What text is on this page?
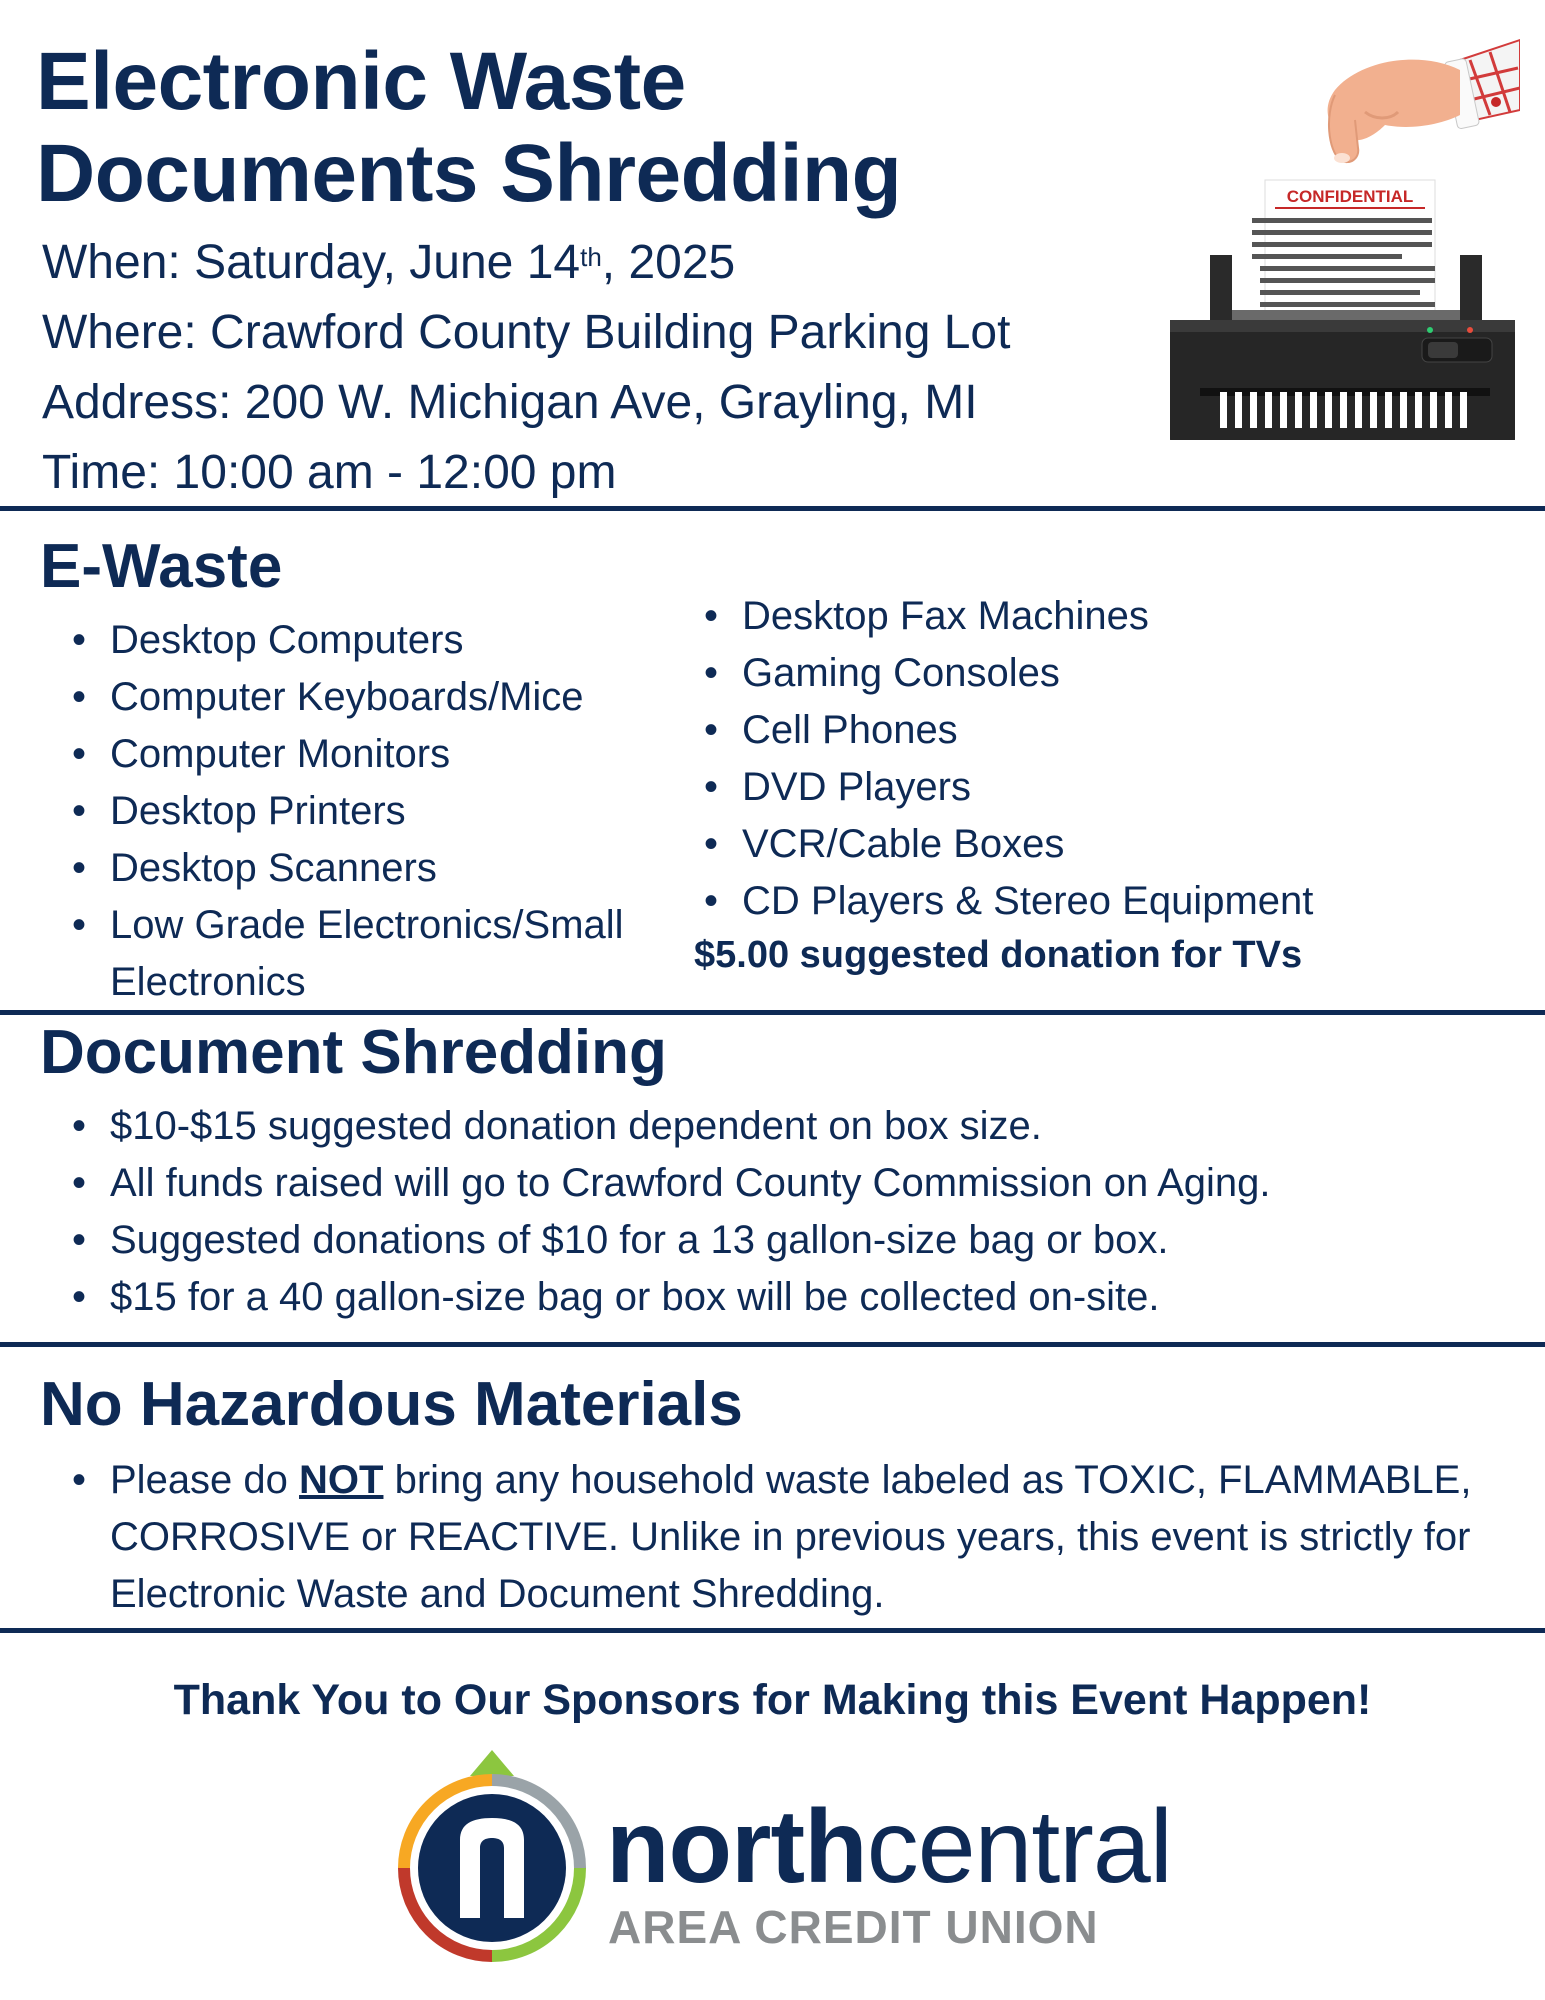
Electronic Waste
Documents Shredding
When: Saturday, June 14th, 2025
Where: Crawford County Building Parking Lot
Address: 200 W. Michigan Ave, Grayling, MI
Time: 10:00 am - 12:00 pm
CONFIDENTIAL
E-Waste
• Desktop Computers
• Computer Keyboards/Mice
• Computer Monitors
• Desktop Printers
• Desktop Scanners
• Low Grade Electronics/Small Electronics
• Desktop Fax Machines
• Gaming Consoles
• Cell Phones
• DVD Players
• VCR/Cable Boxes
• CD Players & Stereo Equipment
$5.00 suggested donation for TVs
Document Shredding
• $10-$15 suggested donation dependent on box size.
• All funds raised will go to Crawford County Commission on Aging.
• Suggested donations of $10 for a 13 gallon-size bag or box.
• $15 for a 40 gallon-size bag or box will be collected on-site.
No Hazardous Materials
• Please do NOT bring any household waste labeled as TOXIC, FLAMMABLE, CORROSIVE or REACTIVE. Unlike in previous years, this event is strictly for Electronic Waste and Document Shredding.
Thank You to Our Sponsors for Making this Event Happen!
northcentral
AREA CREDIT UNION
